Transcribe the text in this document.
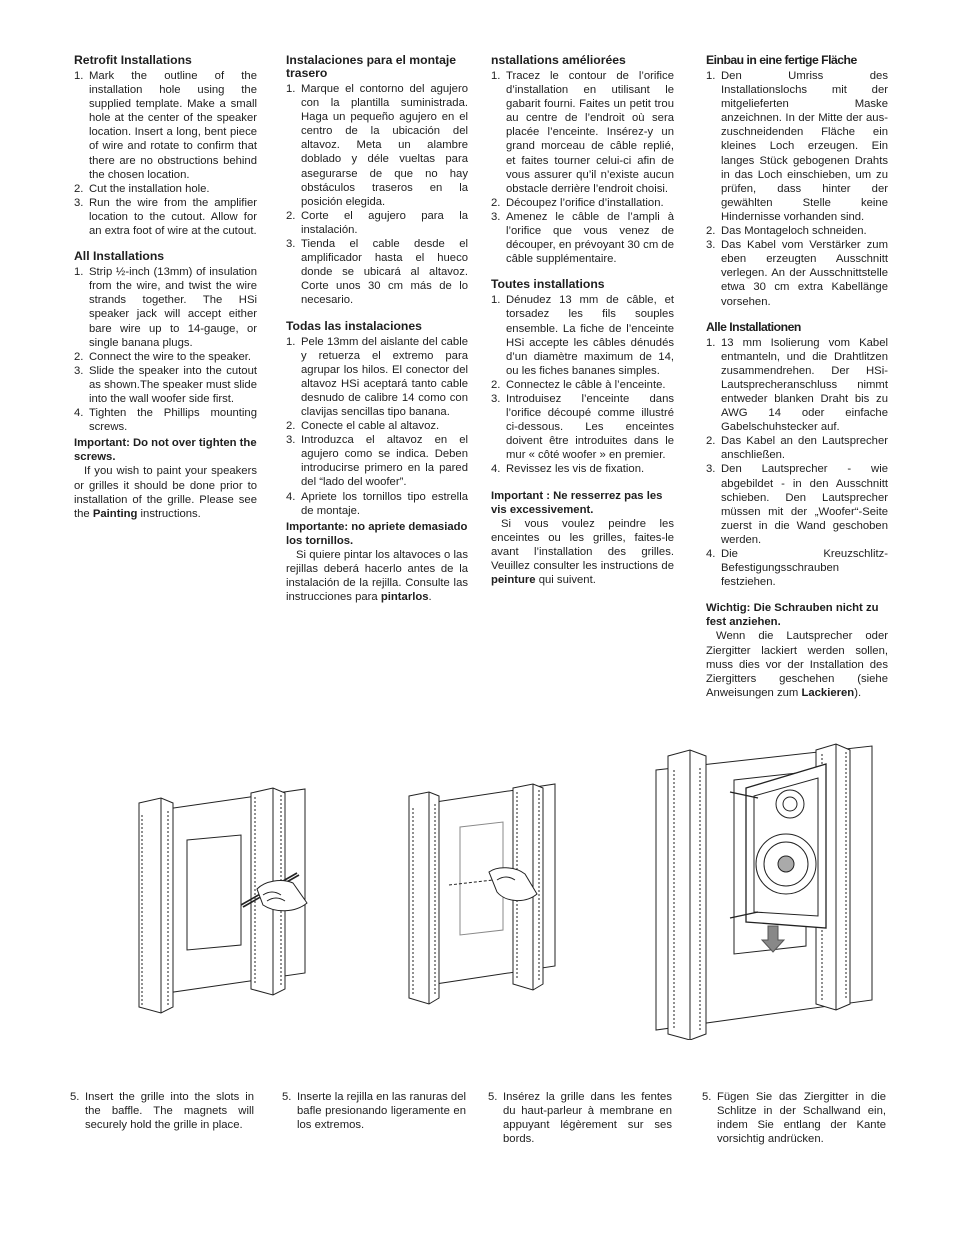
Retrofit Installations
1. Mark the outline of the installation hole using the supplied template. Make a small hole at the center of the speaker location. Insert a long, bent piece of wire and rotate to confirm that there are no obstructions behind the chosen location.
2. Cut the installation hole.
3. Run the wire from the amplifier location to the cutout. Allow for an extra foot of wire at the cutout.
All Installations
1. Strip ½-inch (13mm) of insulation from the wire, and twist the wire strands together. The HSi speaker jack will accept either bare wire up to 14-gauge, or single banana plugs.
2. Connect the wire to the speaker.
3. Slide the speaker into the cutout as shown.The speaker must slide into the wall woofer side first.
4. Tighten the Phillips mounting screws.
Important: Do not over tighten the screws.

If you wish to paint your speakers or grilles it should be done prior to installation of the grille. Please see the Painting instructions.

Instalaciones para el montaje trasero
1. Marque el contorno del agujero con la plantilla suministrada. Haga un pequeño agujero en el centro de la ubicación del altavoz. Meta un alambre doblado y déle vueltas para asegurarse de que no hay obstáculos traseros en la posición elegida.
2. Corte el agujero para la instalación.
3. Tienda el cable desde el amplificador hasta el hueco donde se ubicará al altavoz. Corte unos 30 cm más de lo necesario.
Todas las instalaciones
1. Pele 13mm del aislante del cable y retuerza el extremo para agrupar los hilos. El conector del altavoz HSi aceptará tanto cable desnudo de calibre 14 como con clavijas sencillas tipo banana.
2. Conecte el cable al altavoz.
3. Introduzca el altavoz en el agujero como se indica. Deben introducirse primero en la pared del “lado del woofer”.
4. Apriete los tornillos tipo estrella de montaje.
Importante: no apriete demasiado los tornillos.

Si quiere pintar los altavoces o las rejillas deberá hacerlo antes de la instalación de la rejilla. Consulte las instrucciones para pintarlos.

nstallations améliorées
1. Tracez le contour de l’orifice d’installation en utilisant le gabarit fourni. Faites un petit trou au centre de l’endroit où sera placée l’enceinte. Insérez-y un grand morceau de câble replié, et faites tourner celui-ci afin de vous assurer qu’il n’existe aucun obstacle derrière l’endroit choisi.
2. Découpez l’orifice d’installation.
3. Amenez le câble de l’ampli à l’orifice que vous venez de découper, en prévoyant 30 cm de câble supplémentaire.
Toutes installations
1. Dénudez 13 mm de câble, et torsadez les fils souples ensemble. La fiche de l’enceinte HSi accepte les câbles dénudés d’un diamètre maximum de 14, ou les fiches bananes simples.
2. Connectez le câble à l’enceinte.
3. Introduisez l’enceinte dans l’orifice découpé comme illustré ci-dessous. Les enceintes doivent être introduites dans le mur « côté woofer » en premier.
4. Revissez les vis de fixation.
Important : Ne resserrez pas les vis excessivement.

Si vous voulez peindre les enceintes ou les grilles, faites-le avant l’installation des grilles. Veuillez consulter les instructions de peinture qui suivent.

Einbau in eine fertige Fläche
1. Den Umriss des Installationslochs mit der mitgelieferten Maske anzeichnen. In der Mitte der aus-zuschneidenden Fläche ein kleines Loch erzeugen. Ein langes Stück gebogenen Drahts in das Loch einschieben, um zu prüfen, dass hinter der gewählten Stelle keine Hindernisse vorhanden sind.
2. Das Montageloch schneiden.
3. Das Kabel vom Verstärker zum eben erzeugten Ausschnitt verlegen. An der Ausschnittstelle etwa 30 cm extra Kabellänge vorsehen.
Alle Installationen
1. 13 mm Isolierung vom Kabel entmanteln, und die Drahtlitzen zusammendrehen. Der HSi-Lautsprecheranschluss nimmt entweder blanken Draht bis zu AWG 14 oder einfache Gabelschuhstecker auf.
2. Das Kabel an den Lautsprecher anschließen.
3. Den Lautsprecher - wie abgebildet - in den Ausschnitt schieben. Den Lautsprecher müssen mit der „Woofer“-Seite zuerst in die Wand geschoben werden.
4. Die Kreuzschlitz-Befestigungsschrauben festziehen.
Wichtig: Die Schrauben nicht zu fest anziehen.

Wenn die Lautsprecher oder Ziergitter lackiert werden sollen, muss dies vor der Installation des Ziergitters geschehen (siehe Anweisungen zum Lackieren).

5. Insert the grille into the slots in the baffle. The magnets will securely hold the grille in place.
5. Inserte la rejilla en las ranuras del bafle presionando ligeramente en los extremos.
5. Insérez la grille dans les fentes du haut-parleur à membrane en appuyant légèrement sur ses bords.
5. Fügen Sie das Ziergitter in die Schlitze in der Schallwand ein, indem Sie entlang der Kante vorsichtig andrücken.
